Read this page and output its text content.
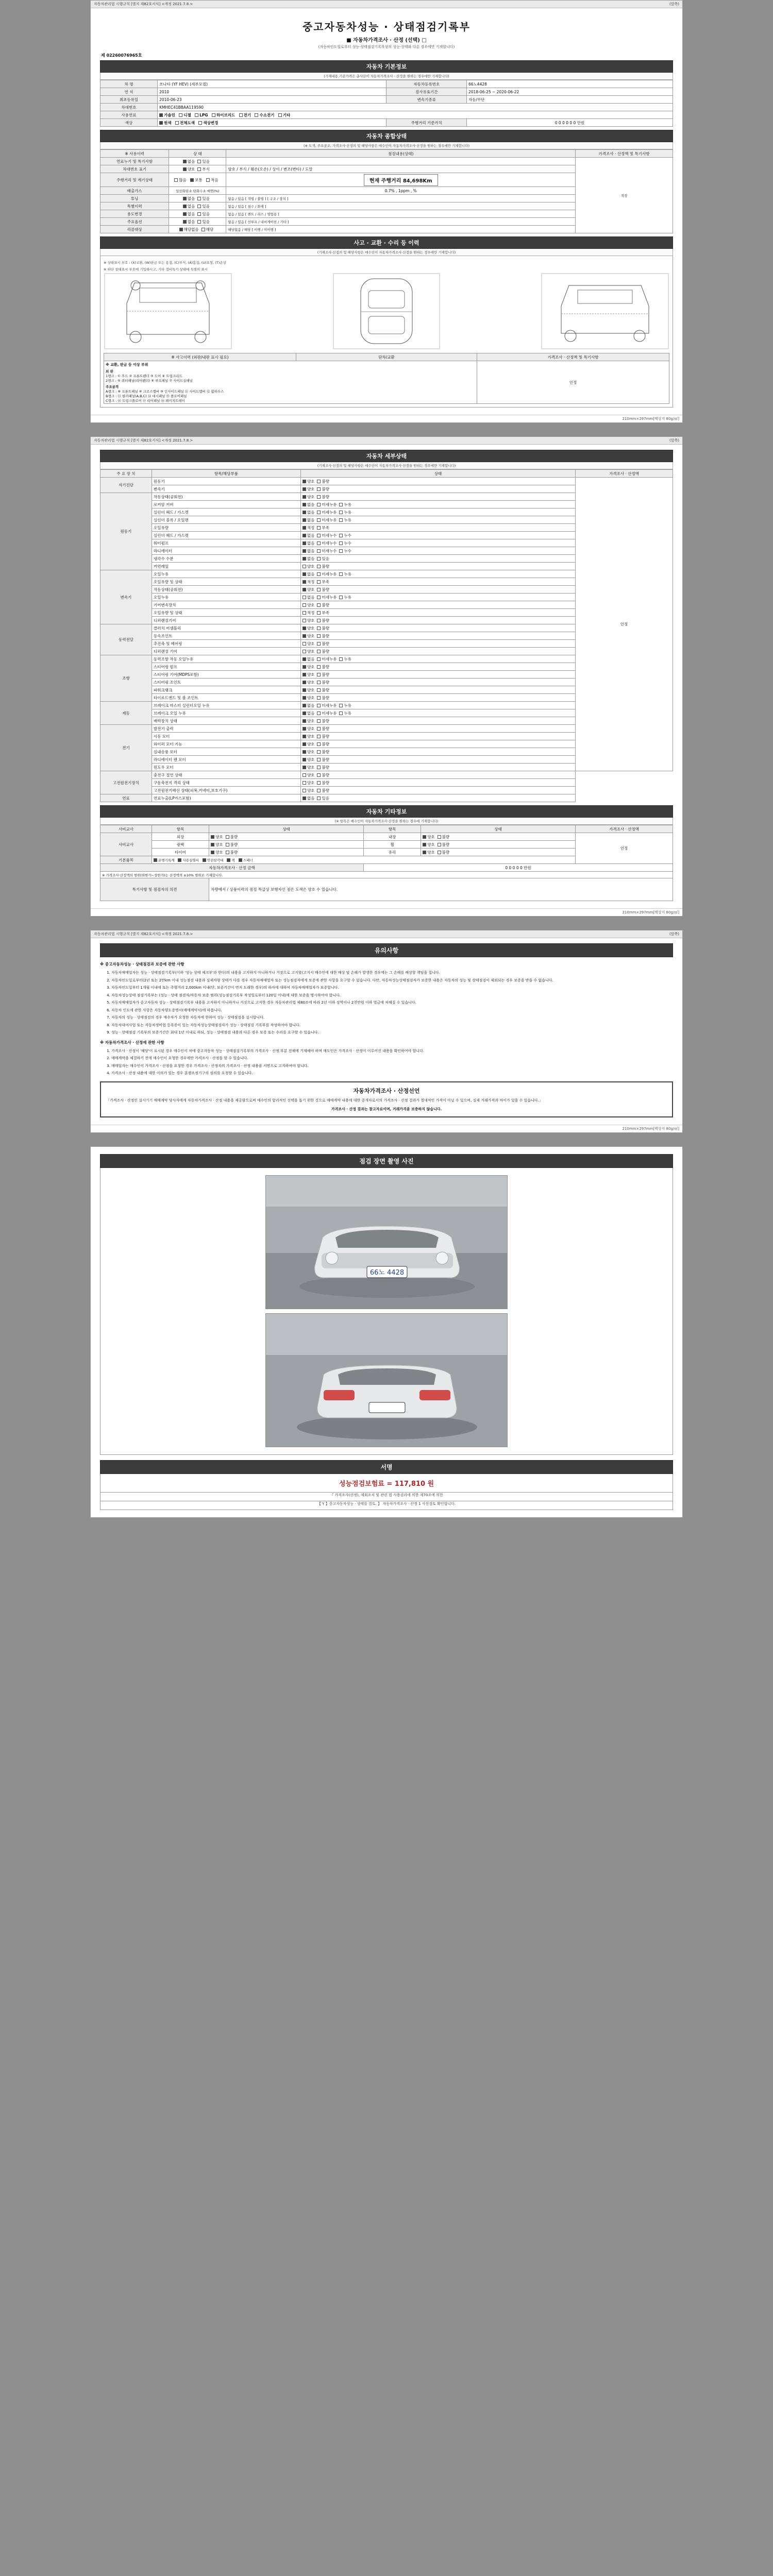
자동차관리법 시행규칙 [별지 제82호서식] <개정 2021.7.8.>	(앞쪽)
중고자동차성능 · 상태점검기록부
■ 자동차가격조사 · 산정 (선택) □
(자동차인도일로부터 성능·상태점검기록부상의 성능·상태와 다른 경우에만 기재합니다)
제 02260076965호
자동차 기본정보
(기재내용 기준가격은 총사단이 자동차가격조사 · 산정을 원하는 경우에만 기재합니다)
차 명	쏘나타 (YF HEV) (세부모델)	자동차등록번호	66노4428
연 식	2010	검사유효기간	2018-06-25 ~ 2020-06-22
최초등록일	2010-06-23	변속기종류	자동/무단
차대번호	KMHEC41BBAA119590		
사용연료	가솔린 디젤 LPG 하이브리드 전기 수소전기 기타		
색상	원색 전체도색 색상변경	주행거리 기준가치	0 0 0 0 0 0 만원
자동차 종합상태
(※ 도색, 주요골조, 가격조사·산정의 및 해당사항은 매수인이 자동차가격조사·산정을 원하는 경우에만 기재합니다)
※ 사용이력	상 태	점검내용(상태)	가격조사 · 산정액 및 특기사항
연료누기 및 특기사항	없음 있음		적정

차대번호 표기	양호 부식	양호 / 부식 / 훼손(오손) / 상이 / 변조(변타) / 도말	
주행거리 및 계기상태	많음 보통 적음	현재 주행거리 84,698Km	
배출가스	일산화탄소 탄화수소 매연(%)	0.7% , 1ppm , %	
튜닝	없음 있음	없음 / 있음 [ 적법 / 불법 ] [ 구조 / 장치 ]	
특별이력	없음 있음	없음 / 있음 [ 침수 / 화재 ]	
용도변경	없음 있음	없음 / 있음 [ 렌트 / 리스 / 영업용 ]	
주요옵션	없음 있음	없음 / 있음 [ 선루프 / 내비게이션 / 기타 ]	
리콜대상	해당없음 해당	해당없음 / 해당 [ 이행 / 미이행 ]	
사고 · 교환 · 수리 등 이력
(기재조사·산정의 및 해당사항은 매수인이 자동차가격조사·산정을 원하는 경우에만 기재합니다)
※ 상태표시 부호 : (X)교환, (W)판금 또는 용접, (C)부식, (A)흠집, (U)요철, (T)손상
※ 하단 상태표시 부호에 기입하시고, 기타 정비특기 상태에 특별히 표시
※ 사고이력 (외판/내판 표시 필요)	단차/교환	가격조사 · 산정액 및 특기사항

※ 교환, 판금 등 이상 부위
외 판
1랭크 : ① 후드 ② 프론트펜더 ③ 도어 ④ 트렁크리드
2랭크 : ⑤ 쿼터패널(리어펜더) ⑥ 루프패널 ⑦ 사이드실패널
주요골격
A랭크 : ⑧ 프론트패널 ⑨ 크로스멤버 ⑩ 인사이드패널 ⑪ 사이드멤버 ⑫ 휠하우스
B랭크 : ⑬ 필러패널(A,B,C) ⑭ 대시패널 ⑮ 플로어패널
C랭크 : ⑯ 트렁크플로어 ⑰ 리어패널 ⑱ 패키지트레이
	인정
210mm×297mm[백상지 80g/㎡]
자동차관리법 시행규칙 [별지 제82호서식] <개정 2021.7.8.>	(앞쪽)
자동차 세부상태
(기재조사·산정의 및 해당사항은 매수인이 자동차가격조사·산정을 원하는 경우에만 기재합니다)
주 요 장 치	항목/해당부품	상태	가격조사 · 산정액
자기진단	원동기	양호 불량	인정
	변속기	양호 불량	
원동기	작동상태(공회전)	양호 불량	
	로커암 커버	없음 미세누유 누유	
	실린더 헤드 / 가스켓	없음 미세누유 누유	
	실린더 블록 / 오일팬	없음 미세누유 누유	
	오일유량	적정 부족	
	실린더 헤드 / 가스켓	없음 미세누수 누수	
	워터펌프	없음 미세누수 누수	
	라디에이터	없음 미세누수 누수	
	냉각수 수분	없음 있음	
	커먼레일	양호 불량	
변속기	오일누유	없음 미세누유 누유	
	오일유량 및 상태	적정 부족	
	작동상태(공회전)	양호 불량	
	오일누유	없음 미세누유 누유	
	기어변속장치	양호 불량	
	오일유량 및 상태	적정 부족	
	디퍼렌셜기어	양호 불량	
동력전달	클러치 어셈블리	양호 불량	
	등속조인트	양호 불량	
	추진축 및 베어링	양호 불량	
	디퍼렌셜 기어	양호 불량	
조향	동력조향 작동 오일누유	없음 미세누유 누유	
	스티어링 펌프	양호 불량	
	스티어링 기어(MDPS포함)	양호 불량	
	스티어링 조인트	양호 불량	
	파워크랭크	양호 불량	
	타이로드엔드 및 볼 조인트	양호 불량	
제동	브레이크 마스터 실린더오일 누유	없음 미세누유 누유	
	브레이크 오일 누유	없음 미세누유 누유	
	배력장치 상태	양호 불량	
전기	발전기 출력	양호 불량	
	시동 모터	양호 불량	
	와이퍼 모터 기능	양호 불량	
	실내송풍 모터	양호 불량	
	라디에이터 팬 모터	양호 불량	
	윈도우 모터	양호 불량	
고전원전기장치	충전구 절연 상태	양호 불량	
	구동축전지 격리 상태	양호 불량	
	고전원전기배선 상태(피복,커넥터,보호기구)	양호 불량	
연료	연료누출(LP가스포함)	없음 있음	
자동차 기타정보
(※ 항목은 매수인이 자동차가격조사·산정을 원하는 경우에 기재합니다)
사비교사	항목	상태	항목	상태	가격조사 · 산정액
사비교사	외장	양호 불량	내장	양호 불량	인정
	광택	양호 불량	휠	양호 불량	
	타이어	양호 불량	유리	양호 불량	
기본품목	운행기록계 사용설명서 안전삼각대 잭 스패너				
자동차가격조사 · 산정 금액			0 0 0 0 0 만원		
※ 가격조사·산정액의 범위(하한가~상한가)는 산정액의 ±10% 범위로 기재합니다.					
특기사항 및 점검자의 의견		차량에서 / 상품이력의 점검 특급상 보행자인 점은 도색은 양호 수 있습니다.			
210mm×297mm[백상지 80g/㎡]
자동차관리법 시행규칙 [별지 제82호서식] <개정 2021.7.8.>	(앞쪽)
유의사항
※ 중고자동차성능 · 상태점검과 보증에 관한 사항
1. 자동차매매업자는 성능 · 상태점검기록부(이하 '성능 상태 체크부'라 한다)의 내용을 고지하지 아니하거나 거짓으로 고지할(고지서 배수인에 대한 배상 및 손해가 발생한 경우에는 그 손해를 배상할 책임을 집니다.
2. 자동차인도일로부터(2년 또는 2만km 이내 성능점검 내용과 실제차량 상태가 다를 경우 자동차매매업자 또는 성능점검자에게 보증에 관한 사항을 요구할 수 있습니다. 다만, 자동차성능상태점검자가 보증한 내용은 자동차의 성능 및 상태점검이 제외되는 경우 보증을 받을 수 없습니다.
3. 자동차인도일부터 1개월 이내에 또는 주행거리 2,000km 이내(단, 보증기간이 먼저 도래한 경우)의 하자에 대하여 자동차매매업자가 보증합니다.
4. 자동차성능상태 점검기록부는 (성능 · 상태 점검자/자동차 보증 범위(성능점검기록부 작성일로부터 120일 이내)에 대한 보증을 명시하여야 합니다.
5. 자동차매매업자가 중고자동차 성능 · 상태점검기록부 내용을 고지하지 아니하거나 거짓으로 고지한 경우 자동차관리법 제80조에 따라 2년 이하 징역이나 2천만원 이하 벌금에 처해질 수 있습니다.
6. 자동차 인도에 관한 사항은 자동차양도증명서(매매계약서)에 따릅니다.
7. 자동차의 성능 · 상태점검의 경우 매수자가 요청한 자동차에 한하여 성능 · 상태점검을 실시합니다.
8. 자동차대여사업 또는 자동차정비업 등록증이 있는 자동차성능상태점검자가 성능 · 상태점검 기록부를 작성하여야 합니다.
9. 성능 · 상태점검 기록부의 보증기간은 최대 1년 이내로 하되, 성능 · 상태점검 내용과 다른 경우 보증 또는 수리를 요구할 수 있습니다.
※ 자동차가격조사 · 산정에 관한 사항
1. 가격조사 · 산정이 '해당'이 표시된 경우 매수인이 차에 중고자동차 성능 · 상태점검기록부의 가격조사 · 산정 부분 전체에 기재해야 하며 매도인은 가격조사 · 산정이 이루어진 내용을 확인하여야 합니다.
2. 매매계약을 체결하기 전에 매수인이 요청한 경우에만 가격조사 · 산정을 할 수 있습니다.
3. 매매업자는 매수인이 가격조사 · 산정을 요청한 경우 가격조사 · 산정자의 가격조사 · 산정 내용을 서면으로 고지하여야 합니다.
4. 가격조사 · 산정 내용에 대한 이의가 있는 경우 분쟁조정기구의 심의를 요청할 수 있습니다.
자동차가격조사 · 산정선언
「가격조사 · 산정인 실시기기 매매계약 당사자에게 자동차가격조사 · 산정 내용을 제공함으로써 매수인의 합리적인 선택을 돕기 위한 것으로 매매계약 내용에 대한 중개자로서의 가격조사 · 산정 결과가 절대적인 가격이 아닐 수 있으며, 실제 거래가격과 차이가 있을 수 있습니다.」
가격조사 · 산정 결과는 참고자료이며, 거래가격을 보증하지 않습니다.
210mm×297mm[백상지 80g/㎡]
점검 장면 촬영 사진
66노 4428
서명
성능점검보험료 = 117,810 원
『 가격조사(산정), 제외조치 및 관련 법 사용권리에 의한 제70조에 의한
【 Y 】중고자동차성능 · 상태를 검토. 】 자동차가격조사 · 산정 1 사전검토 확인합니다.
